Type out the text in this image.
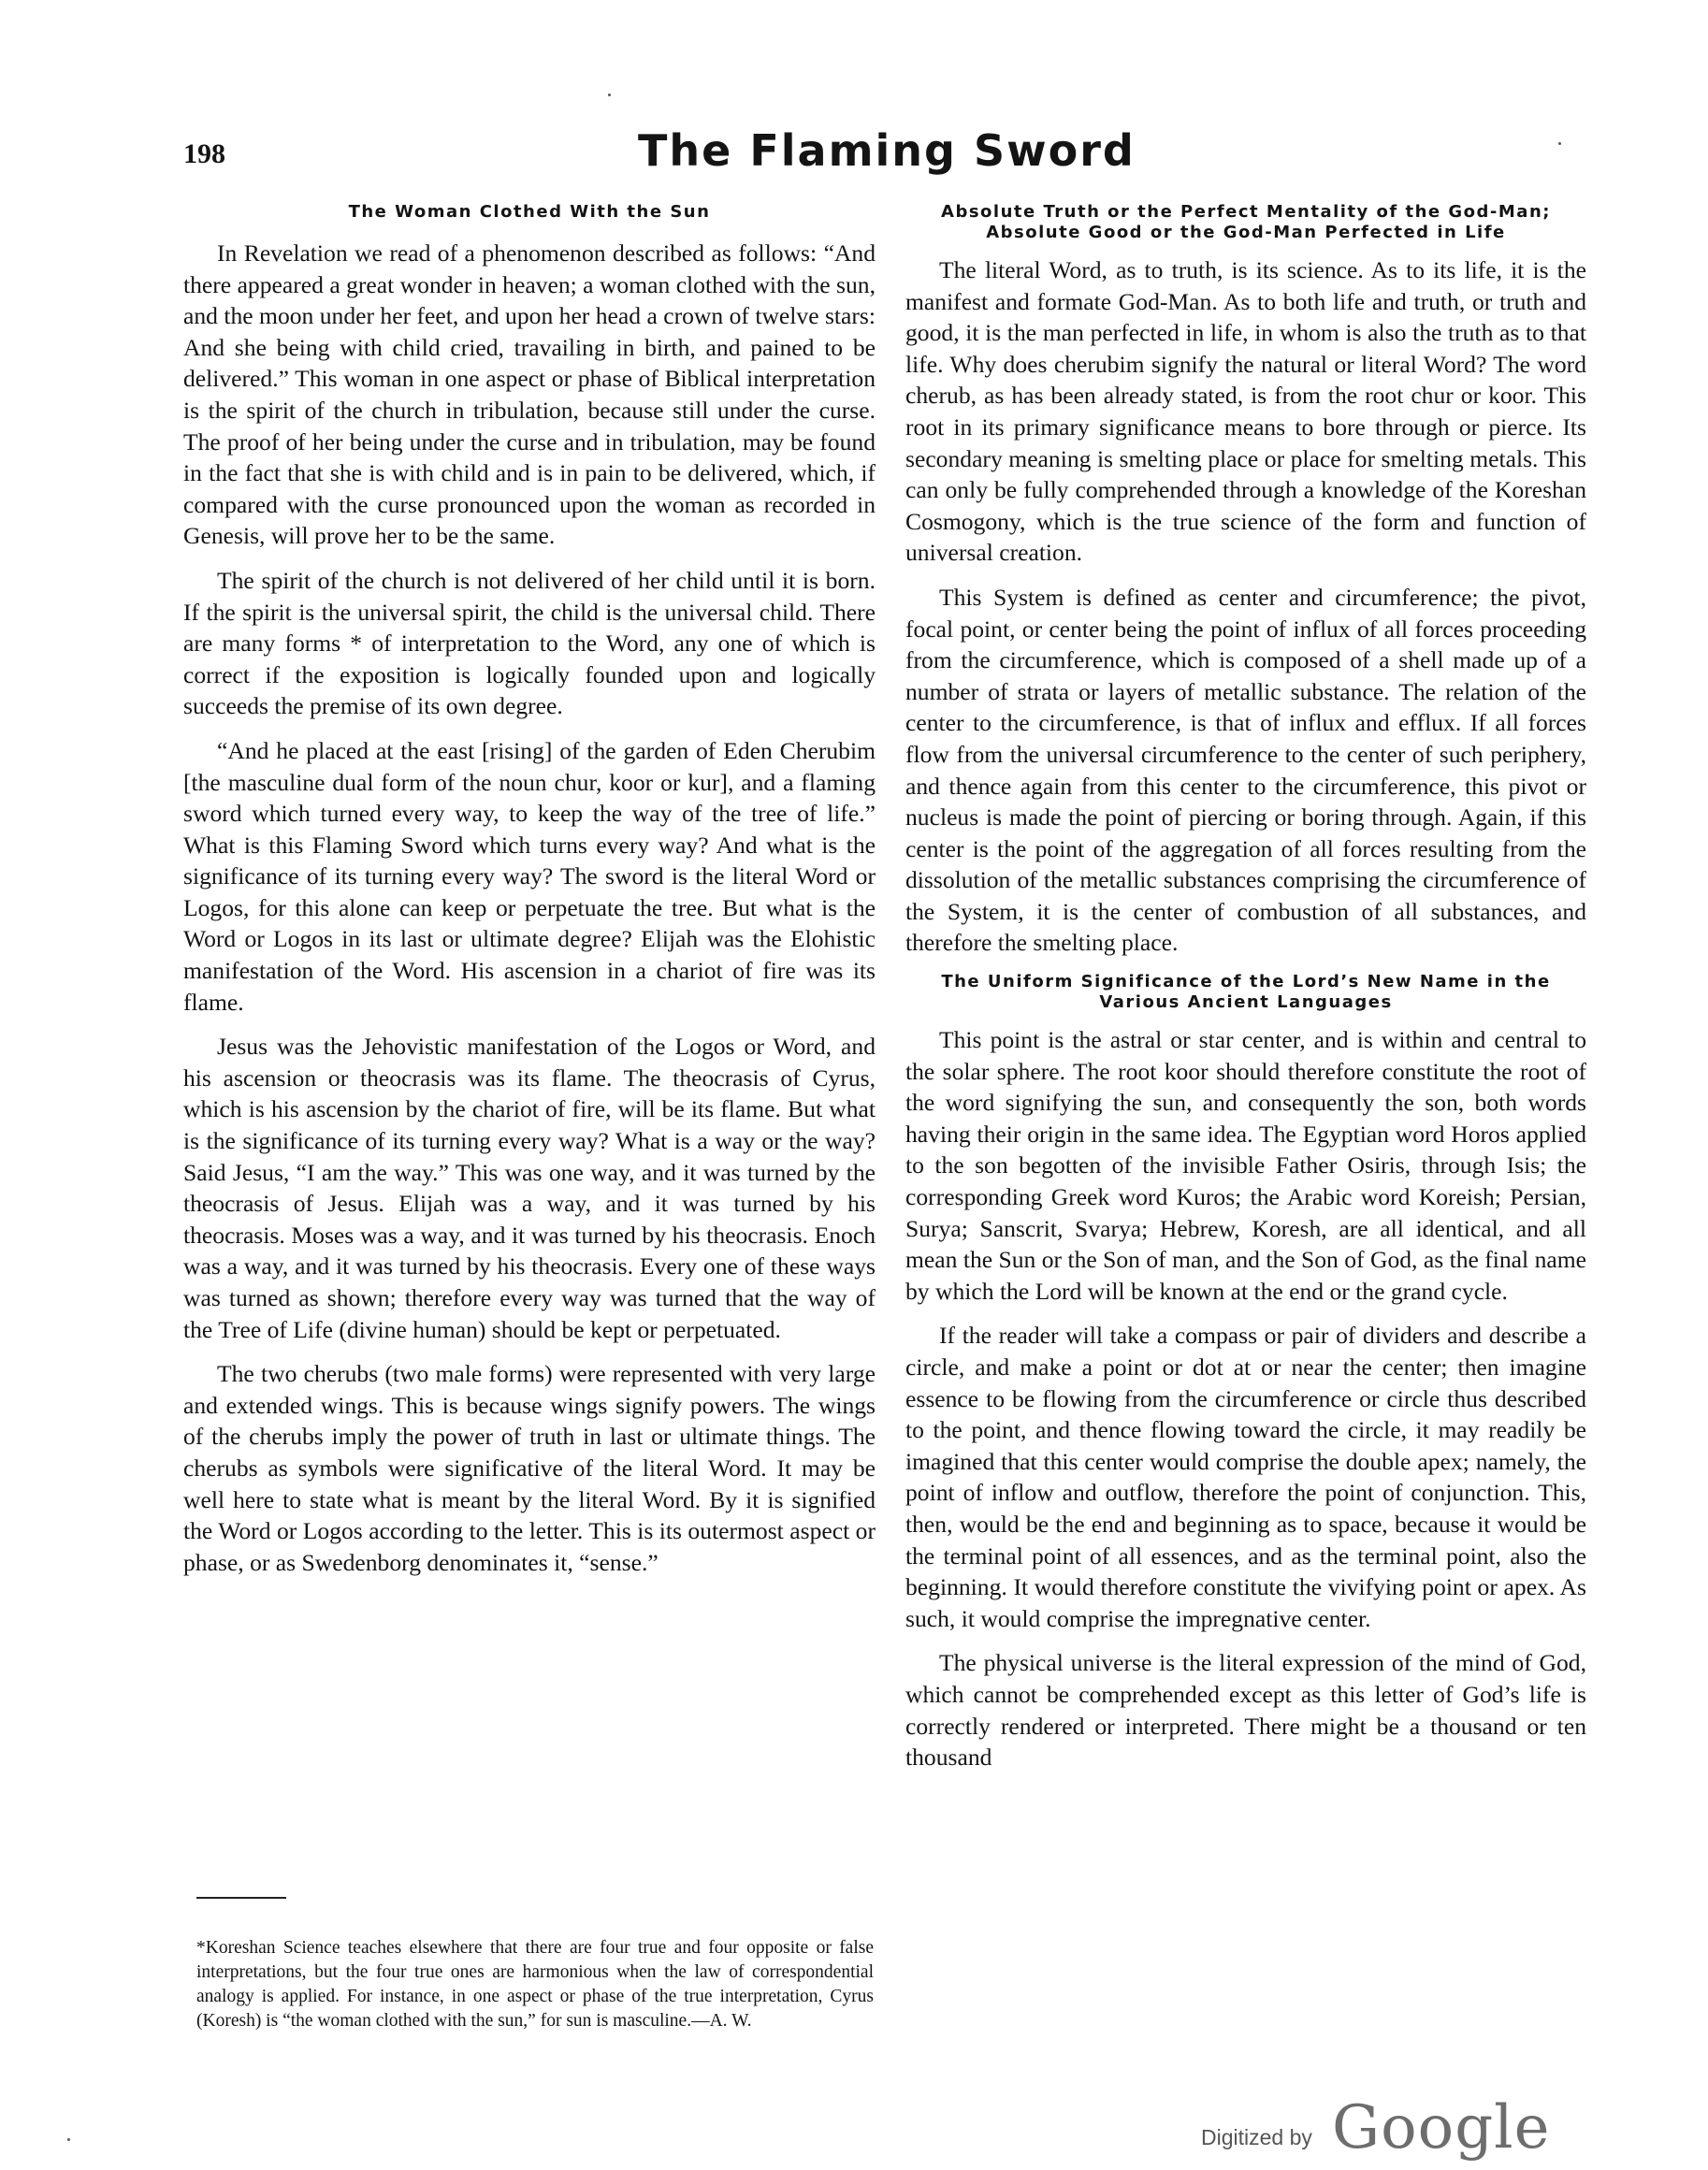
198	The Flaming Sword
The Woman Clothed With the Sun

In Revelation we read of a phenomenon described as follows: “And there appeared a great wonder in heaven; a woman clothed with the sun, and the moon under her feet, and upon her head a crown of twelve stars: And she being with child cried, travailing in birth, and pained to be delivered.” This woman in one aspect or phase of Biblical interpretation is the spirit of the church in tribulation, because still under the curse. The proof of her being under the curse and in tribulation, may be found in the fact that she is with child and is in pain to be delivered, which, if compared with the curse pronounced upon the woman as recorded in Genesis, will prove her to be the same.

The spirit of the church is not delivered of her child until it is born. If the spirit is the universal spirit, the child is the universal child. There are many forms * of interpretation to the Word, any one of which is correct if the exposition is logically founded upon and logically succeeds the premise of its own degree.

“And he placed at the east [rising] of the garden of Eden Cherubim [the masculine dual form of the noun chur, koor or kur], and a flaming sword which turned every way, to keep the way of the tree of life.” What is this Flaming Sword which turns every way? And what is the significance of its turning every way? The sword is the literal Word or Logos, for this alone can keep or perpetuate the tree. But what is the Word or Logos in its last or ultimate degree? Elijah was the Elohistic manifestation of the Word. His ascension in a chariot of fire was its flame.

Jesus was the Jehovistic manifestation of the Logos or Word, and his ascension or theocrasis was its flame. The theocrasis of Cyrus, which is his ascension by the chariot of fire, will be its flame. But what is the significance of its turning every way? What is a way or the way? Said Jesus, “I am the way.” This was one way, and it was turned by the theocrasis of Jesus. Elijah was a way, and it was turned by his theocrasis. Moses was a way, and it was turned by his theocrasis. Enoch was a way, and it was turned by his theocrasis. Every one of these ways was turned as shown; therefore every way was turned that the way of the Tree of Life (divine human) should be kept or perpetuated.

The two cherubs (two male forms) were represented with very large and extended wings. This is because wings signify powers. The wings of the cherubs imply the power of truth in last or ultimate things. The cherubs as symbols were significative of the literal Word. It may be well here to state what is meant by the literal Word. By it is signified the Word or Logos according to the letter. This is its outermost aspect or phase, or as Swedenborg denominates it, “sense.”

*Koreshan Science teaches elsewhere that there are four true and four opposite or false interpretations, but the four true ones are harmonious when the law of correspondential analogy is applied. For instance, in one aspect or phase of the true interpretation, Cyrus (Koresh) is “the woman clothed with the sun,” for sun is masculine.—A. W.

Absolute Truth or the Perfect Mentality of the God-Man; Absolute Good or the God-Man Perfected in Life

The literal Word, as to truth, is its science. As to its life, it is the manifest and formate God-Man. As to both life and truth, or truth and good, it is the man perfected in life, in whom is also the truth as to that life. Why does cherubim signify the natural or literal Word? The word cherub, as has been already stated, is from the root chur or koor. This root in its primary significance means to bore through or pierce. Its secondary meaning is smelting place or place for smelting metals. This can only be fully comprehended through a knowledge of the Koreshan Cosmogony, which is the true science of the form and function of universal creation.

This System is defined as center and circumference; the pivot, focal point, or center being the point of influx of all forces proceeding from the circumference, which is composed of a shell made up of a number of strata or layers of metallic substance. The relation of the center to the circumference, is that of influx and efflux. If all forces flow from the universal circumference to the center of such periphery, and thence again from this center to the circumference, this pivot or nucleus is made the point of piercing or boring through. Again, if this center is the point of the aggregation of all forces resulting from the dissolution of the metallic substances comprising the circumference of the System, it is the center of combustion of all substances, and therefore the smelting place.

The Uniform Significance of the Lord’s New Name in the Various Ancient Languages

This point is the astral or star center, and is within and central to the solar sphere. The root koor should therefore constitute the root of the word signifying the sun, and consequently the son, both words having their origin in the same idea. The Egyptian word Horos applied to the son begotten of the invisible Father Osiris, through Isis; the corresponding Greek word Kuros; the Arabic word Koreish; Persian, Surya; Sanscrit, Svarya; Hebrew, Koresh, are all identical, and all mean the Sun or the Son of man, and the Son of God, as the final name by which the Lord will be known at the end or the grand cycle.

If the reader will take a compass or pair of dividers and describe a circle, and make a point or dot at or near the center; then imagine essence to be flowing from the circumference or circle thus described to the point, and thence flowing toward the circle, it may readily be imagined that this center would comprise the double apex; namely, the point of inflow and outflow, therefore the point of conjunction. This, then, would be the end and beginning as to space, because it would be the terminal point of all essences, and as the terminal point, also the beginning. It would therefore constitute the vivifying point or apex. As such, it would comprise the impregnative center.

The physical universe is the literal expression of the mind of God, which cannot be comprehended except as this letter of God’s life is correctly rendered or interpreted. There might be a thousand or ten thousand

Digitized by Google
